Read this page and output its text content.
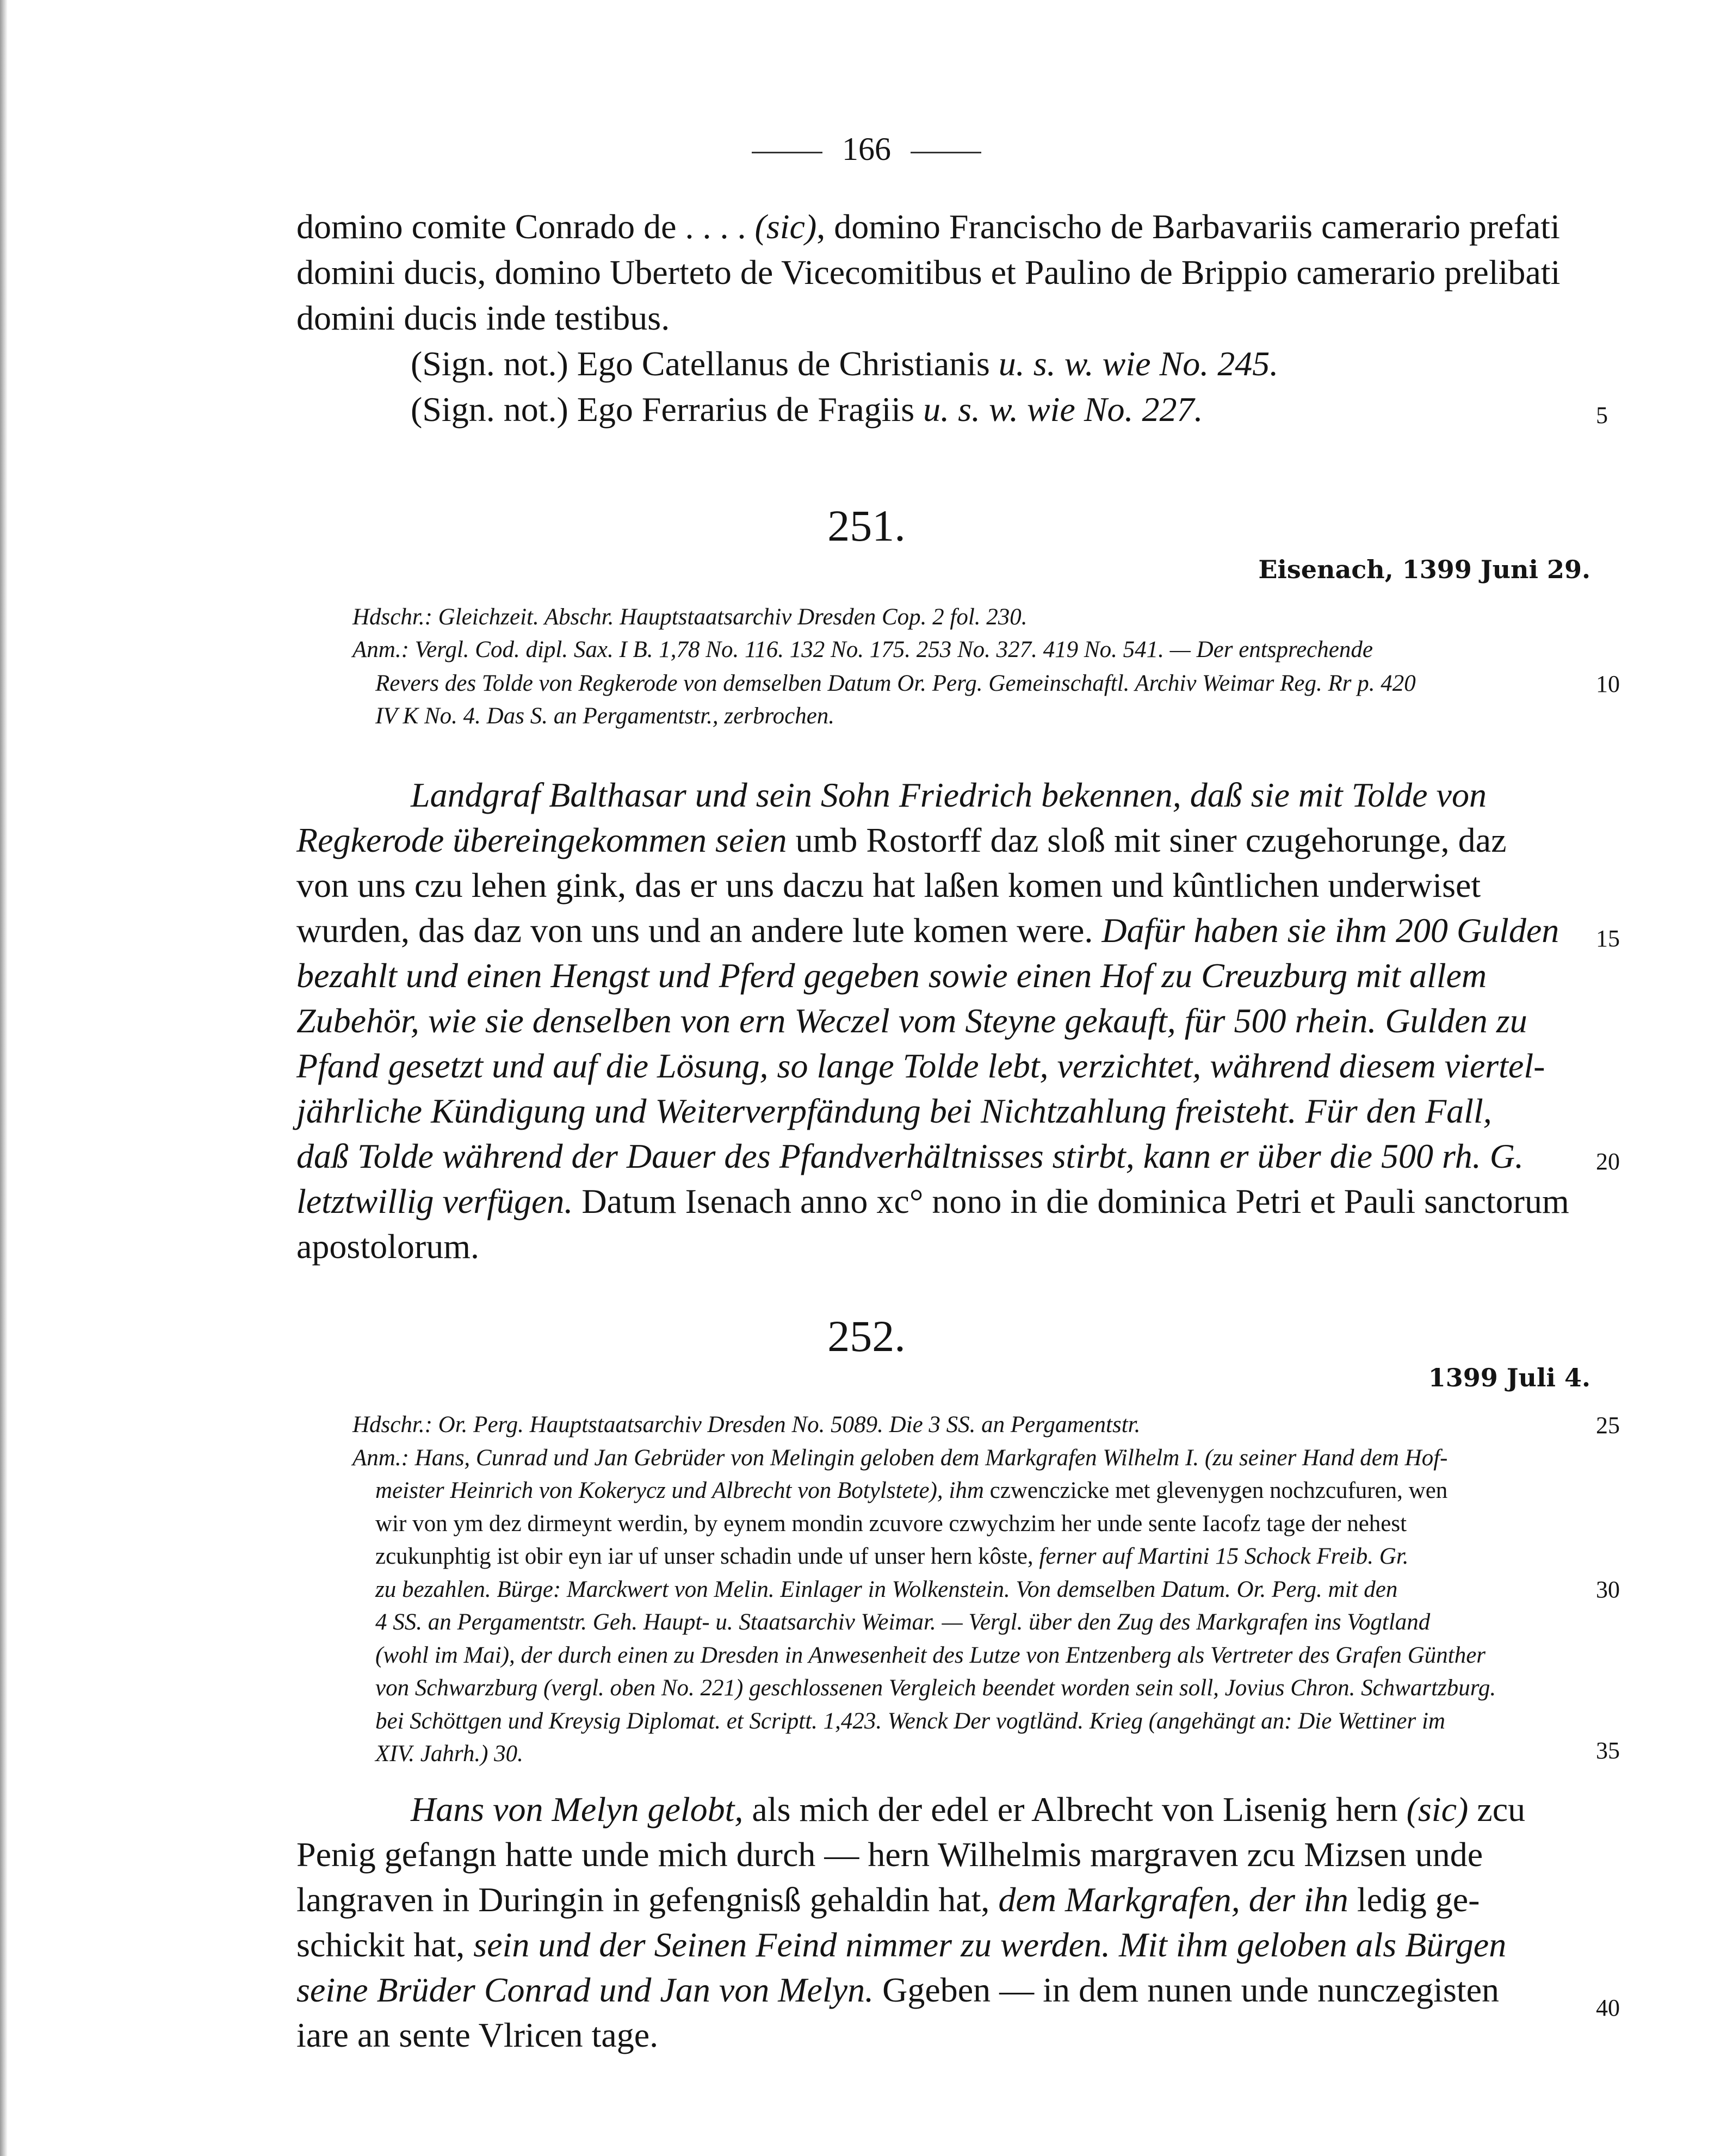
166
domino comite Conrado de . . . . (sic), domino Francischo de Barbavariis camerario prefati
domini ducis, domino Uberteto de Vicecomitibus et Paulino de Brippio camerario prelibati
domini ducis inde testibus.
(Sign. not.) Ego Catellanus de Christianis u. s. w. wie No. 245.
(Sign. not.) Ego Ferrarius de Fragiis u. s. w. wie No. 227.	5
10
15
20
25
30
35
40
251.
Eisenach, 1399 Juni 29.
Hdschr.: Gleichzeit. Abschr. Hauptstaatsarchiv Dresden Cop. 2 fol. 230.
Anm.: Vergl. Cod. dipl. Sax. I B. 1,78 No. 116. 132 No. 175. 253 No. 327. 419 No. 541. — Der entsprechende
Revers des Tolde von Regkerode von demselben Datum Or. Perg. Gemeinschaftl. Archiv Weimar Reg. Rr p. 420
IV K No. 4. Das S. an Pergamentstr., zerbrochen.
Landgraf Balthasar und sein Sohn Friedrich bekennen, daß sie mit Tolde von
Regkerode übereingekommen seien umb Rostorff daz sloß mit siner czugehorunge, daz
von uns czu lehen gink, das er uns daczu hat laßen komen und kûntlichen underwiset
wurden, das daz von uns und an andere lute komen were. Dafür haben sie ihm 200 Gulden
bezahlt und einen Hengst und Pferd gegeben sowie einen Hof zu Creuzburg mit allem
Zubehör, wie sie denselben von ern Weczel vom Steyne gekauft, für 500 rhein. Gulden zu
Pfand gesetzt und auf die Lösung, so lange Tolde lebt, verzichtet, während diesem viertel-
jährliche Kündigung und Weiterverpfändung bei Nichtzahlung freisteht. Für den Fall,
daß Tolde während der Dauer des Pfandverhältnisses stirbt, kann er über die 500 rh. G.
letztwillig verfügen. Datum Isenach anno xc° nono in die dominica Petri et Pauli sanctorum
apostolorum.
252.
1399 Juli 4.
Hdschr.: Or. Perg. Hauptstaatsarchiv Dresden No. 5089. Die 3 SS. an Pergamentstr.
Anm.: Hans, Cunrad und Jan Gebrüder von Melingin geloben dem Markgrafen Wilhelm I. (zu seiner Hand dem Hof-
meister Heinrich von Kokerycz und Albrecht von Botylstete), ihm czwenczicke met glevenygen nochzcufuren, wen
wir von ym dez dirmeynt werdin, by eynem mondin zcuvore czwychzim her unde sente Iacofz tage der nehest
zcukunphtig ist obir eyn iar uf unser schadin unde uf unser hern kôste, ferner auf Martini 15 Schock Freib. Gr.
zu bezahlen. Bürge: Marckwert von Melin. Einlager in Wolkenstein. Von demselben Datum. Or. Perg. mit den
4 SS. an Pergamentstr. Geh. Haupt- u. Staatsarchiv Weimar. — Vergl. über den Zug des Markgrafen ins Vogtland
(wohl im Mai), der durch einen zu Dresden in Anwesenheit des Lutze von Entzenberg als Vertreter des Grafen Günther
von Schwarzburg (vergl. oben No. 221) geschlossenen Vergleich beendet worden sein soll, Jovius Chron. Schwartzburg.
bei Schöttgen und Kreysig Diplomat. et Scriptt. 1,423. Wenck Der vogtländ. Krieg (angehängt an: Die Wettiner im
XIV. Jahrh.) 30.
Hans von Melyn gelobt, als mich der edel er Albrecht von Lisenig hern (sic) zcu
Penig gefangn hatte unde mich durch — hern Wilhelmis margraven zcu Mizsen unde
langraven in Duringin in gefengnisß gehaldin hat, dem Markgrafen, der ihn ledig ge-
schickit hat, sein und der Seinen Feind nimmer zu werden. Mit ihm geloben als Bürgen
seine Brüder Conrad und Jan von Melyn. Ggeben — in dem nunen unde nunczegisten
iare an sente Vlricen tage.
